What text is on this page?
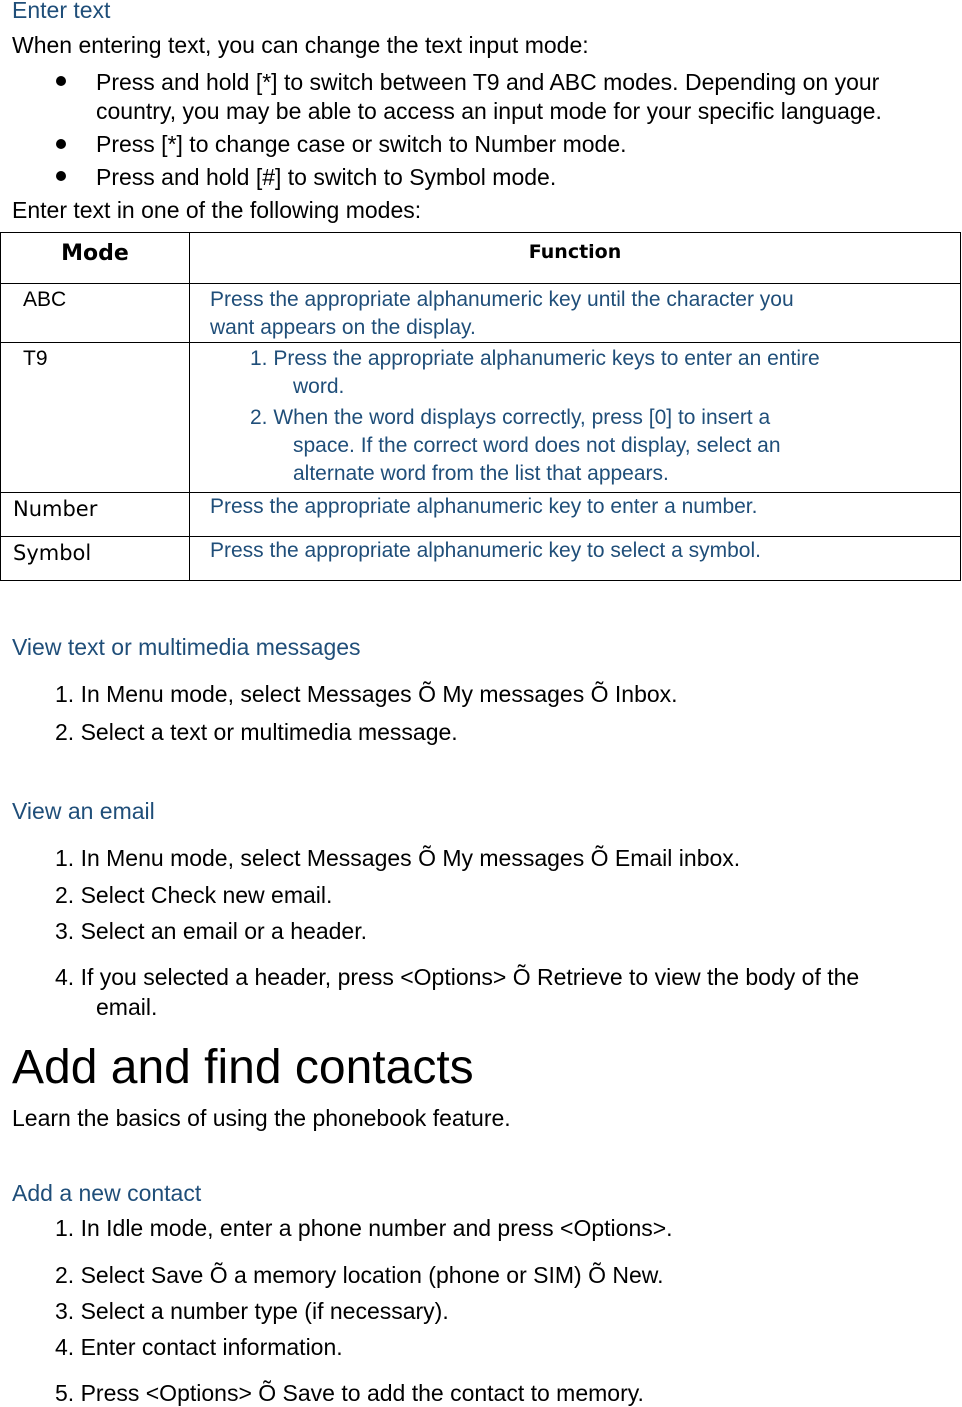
Enter text
When entering text, you can change the text input mode:
Press and hold [*] to switch between T9 and ABC modes. Depending on your
country, you may be able to access an input mode for your specific language.
Press [*] to change case or switch to Number mode.
Press and hold [#] to switch to Symbol mode.
Enter text in one of the following modes:
Mode	Function
ABC	Press the appropriate alphanumeric key until the character you
want appears on the display.

T9	1. Press the appropriate alphanumeric keys to enter an entire
word.
2. When the word displays correctly, press [0] to insert a
space. If the correct word does not display, select an
alternate word from the list that appears.

Number	Press the appropriate alphanumeric key to enter a number.

Symbol	Press the appropriate alphanumeric key to select a symbol.
View text or multimedia messages
1. In Menu mode, select Messages Õ My messages Õ Inbox.
2. Select a text or multimedia message.
View an email
1. In Menu mode, select Messages Õ My messages Õ Email inbox.
2. Select Check new email.
3. Select an email or a header.
4. If you selected a header, press <Options> Õ Retrieve to view the body of the
email.
Add and find contacts
Learn the basics of using the phonebook feature.
Add a new contact
1. In Idle mode, enter a phone number and press <Options>.
2. Select Save Õ a memory location (phone or SIM) Õ New.
3. Select a number type (if necessary).
4. Enter contact information.
5. Press <Options> Õ Save to add the contact to memory.
